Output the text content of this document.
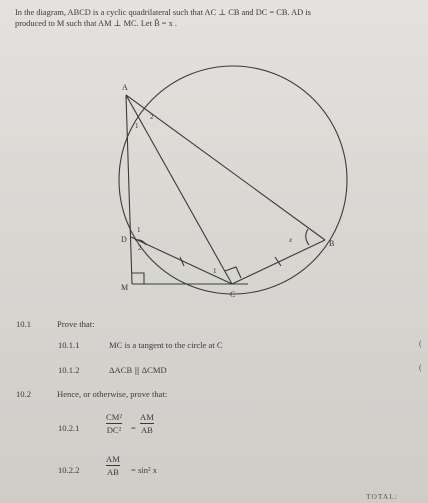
In the diagram, ABCD is a cyclic quadrilateral such that AC ⊥ CB and DC = CB. AD is
produced to M such that AM ⊥ MC. Let B̂ = x .
A
B
C
D
M
1
2
1
2
1
x
10.1	Prove that:
10.1.1	MC is a tangent to the circle at C
10.1.2	ΔACB ||| ΔCMD
10.2	Hence, or otherwise, prove that:
10.2.1
CM²
DC² =
AM
AB
10.2.2
AM
AB = sin² x
(
(
TOTAL:
